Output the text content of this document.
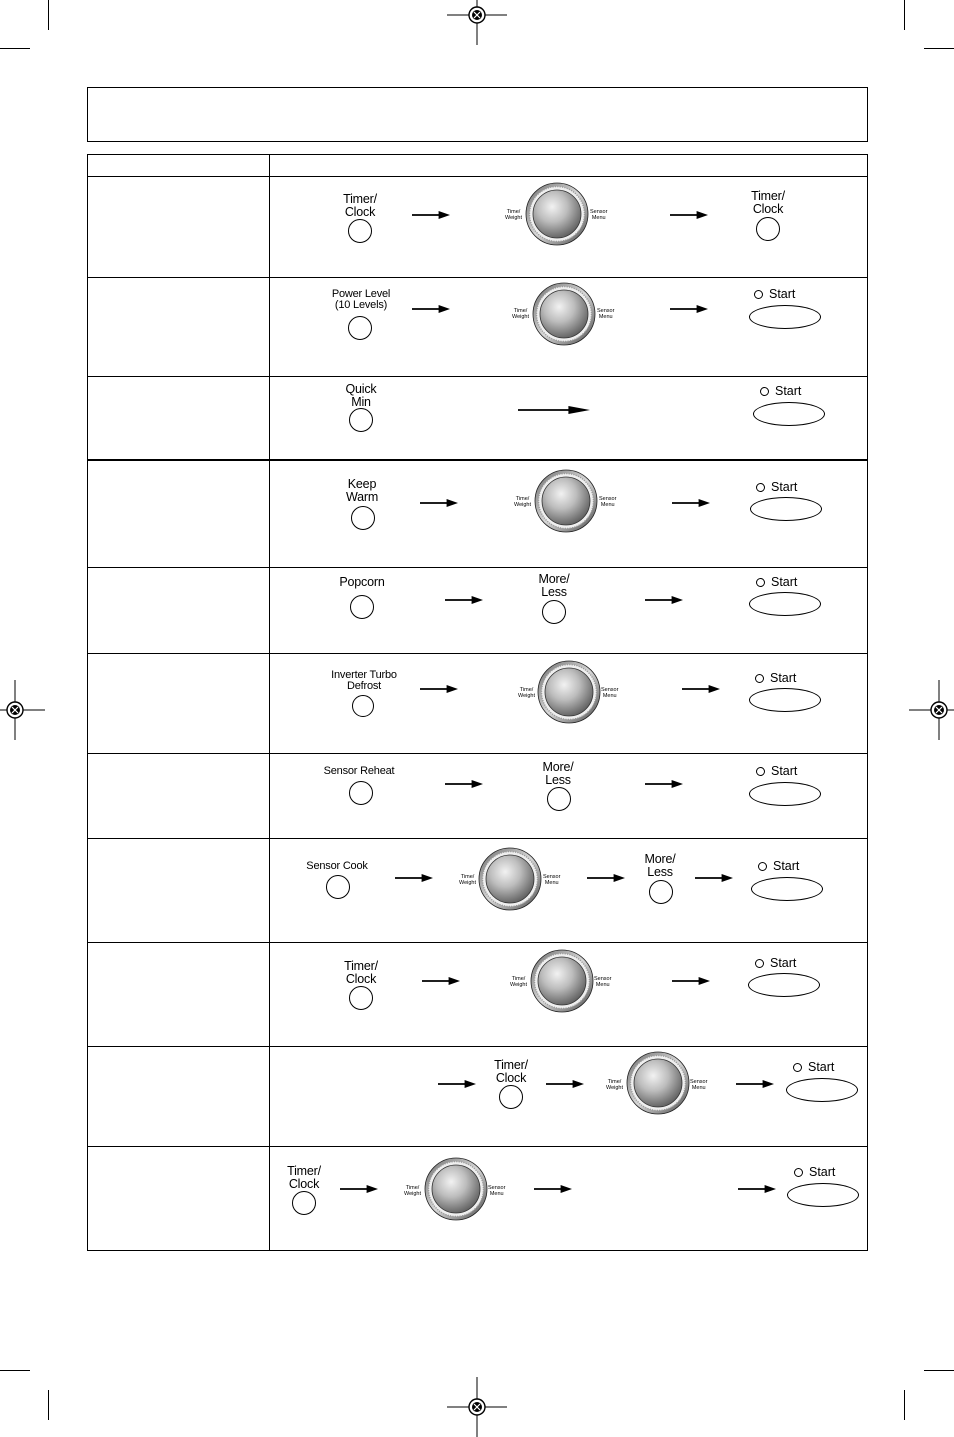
Timer/
Clock	Time/
Weight
Sensor
Menu
Timer/
Clock
Power Level
(10 Levels)	Time/
Weight
Sensor
Menu
Start
Quick
Min
Start
Keep
Warm	Time/
Weight
Sensor
Menu
Start
Popcorn	More/
Less
Start
Inverter Turbo
Defrost	Time/
Weight
Sensor
Menu
Start
Sensor Reheat	More/
Less
Start
Sensor Cook
Time/
Weight
Sensor
Menu
More/
Less	Start
Timer/
Clock	Time/
Weight
Sensor
Menu
Start
Timer/
Clock	Time/
Weight
Sensor
Menu
Start
Timer/
Clock	Time/
Weight
Sensor
Menu
Start
